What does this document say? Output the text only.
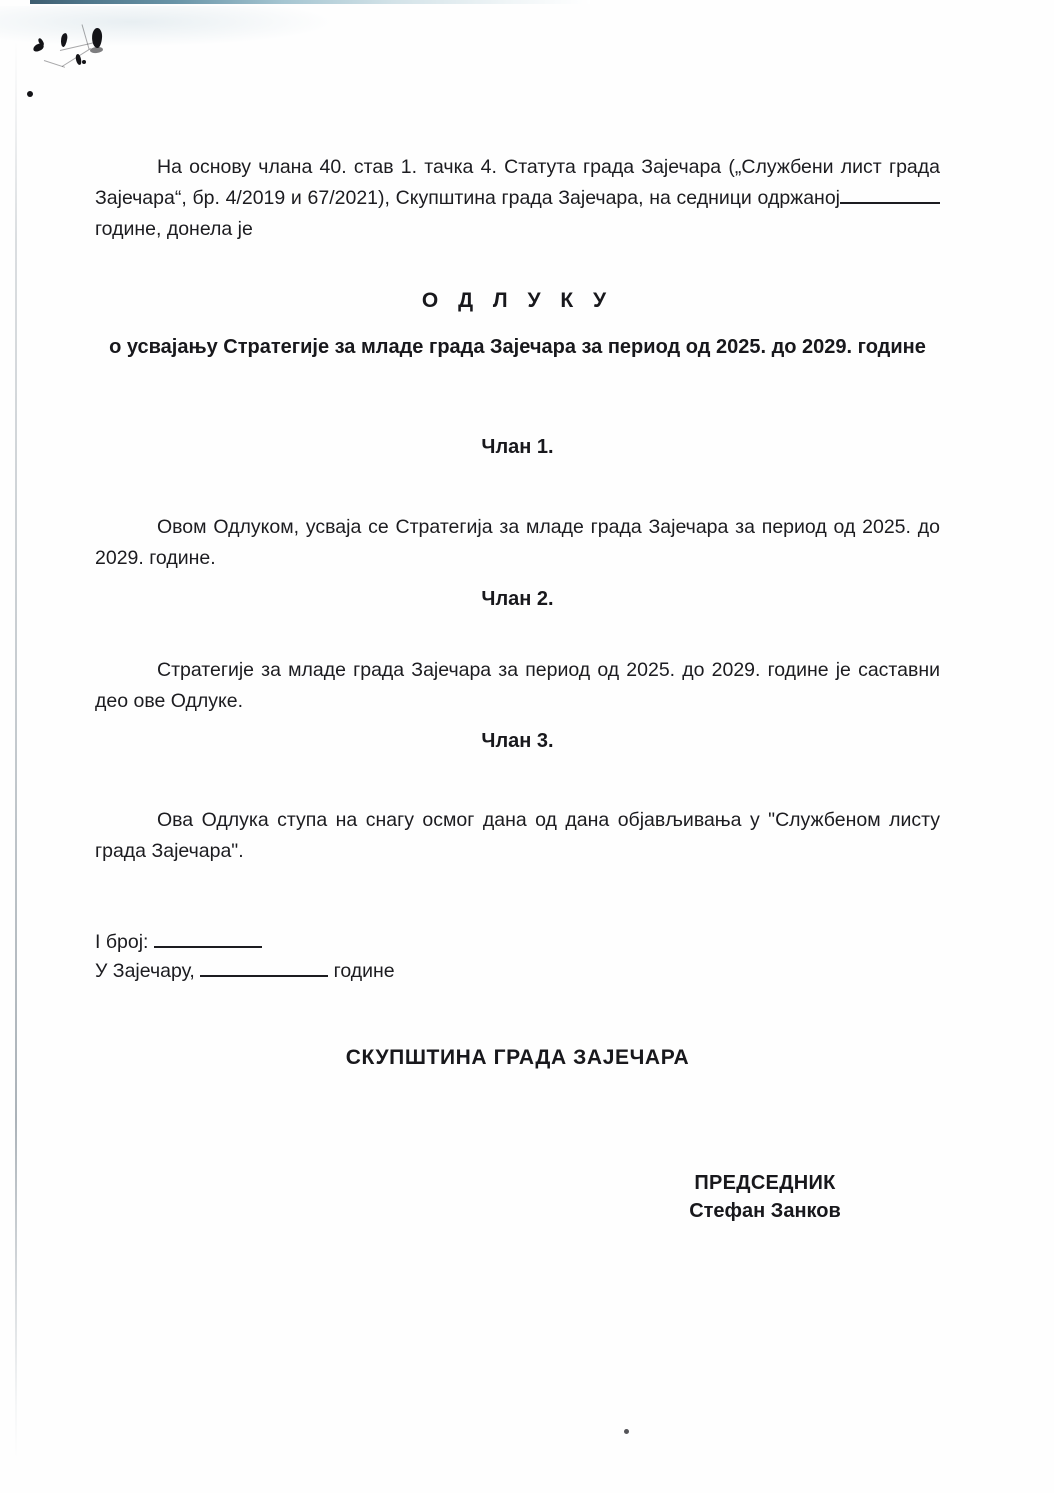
На основу члана 40. став 1. тачка 4. Статута града Зајечара („Службени лист града Зајечара“, бр. 4/2019 и 67/2021), Скупштина града Зајечара, на седници одржаној године, донела је

О Д Л У К У

о усвајању Стратегије за младе града Зајечара за период од 2025. до 2029. године

Члан 1.

Овом Одлуком, усваја се Стратегија за младе града Зајечара за период од 2025. до 2029. године.

Члан 2.

Стратегије за младе града Зајечара за период од 2025. до 2029. године је саставни део ове Одлуке.

Члан 3.

Ова Одлука ступа на снагу осмог дана од дана објављивања у "Службеном листу града Зајечара".

I број:

У Зајечару,	године

СКУПШТИНА ГРАДА ЗАЈЕЧАРА

ПРЕДСЕДНИК

Стефан Занков
